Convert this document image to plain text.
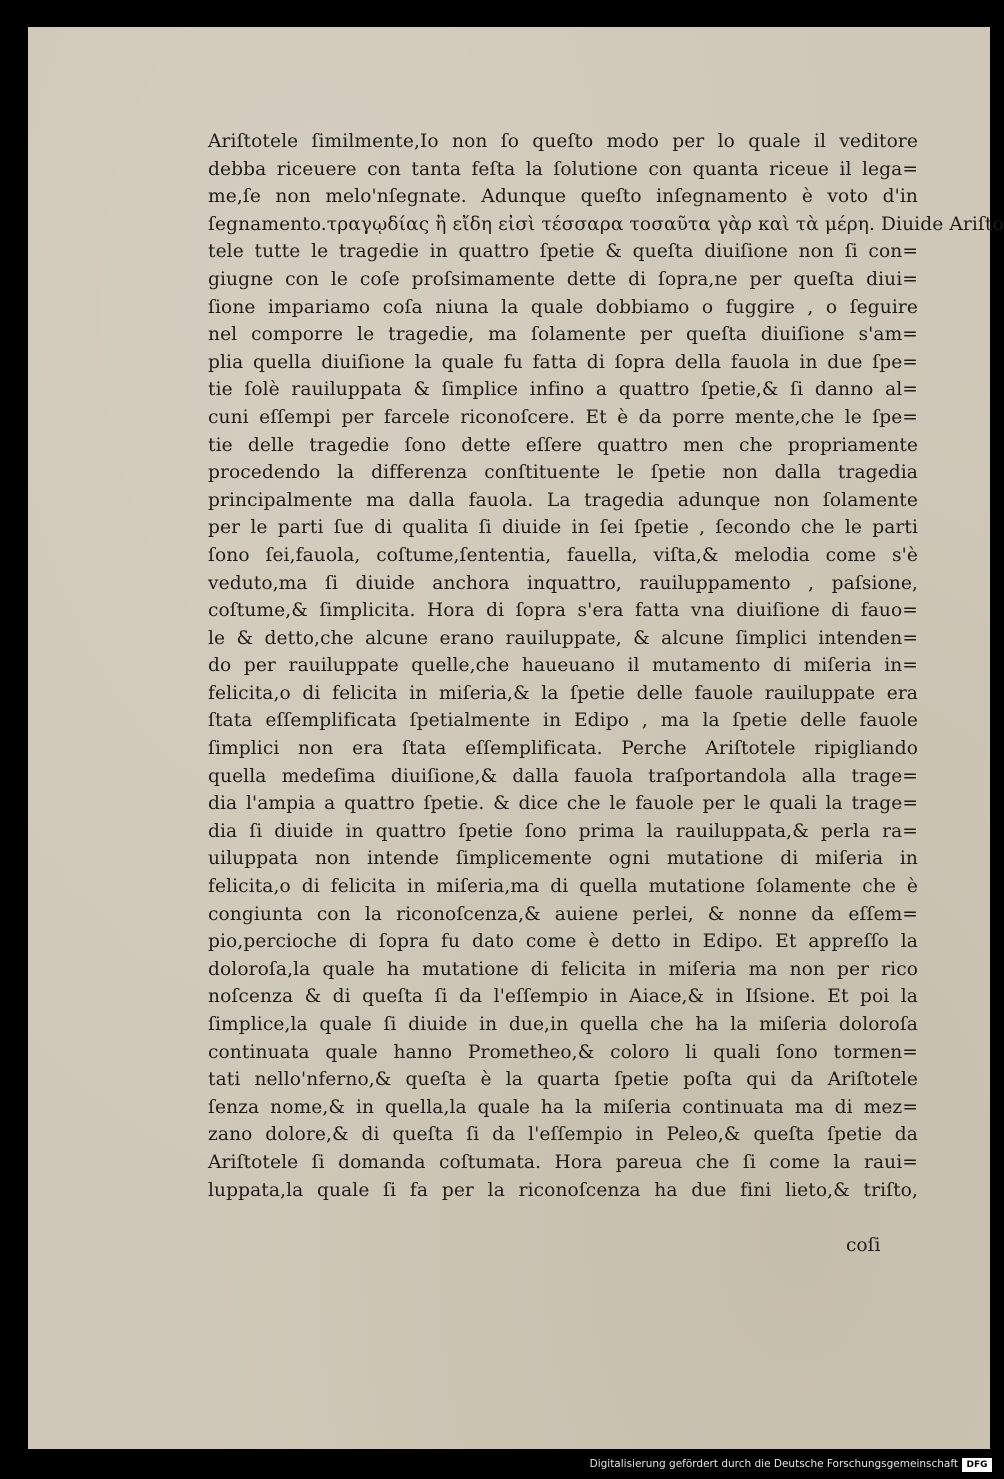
Ariſtotele ſimilmente,Io non ſo queſto modo per lo quale il veditore
debba riceuere con tanta feſta la ſolutione con quanta riceue il lega=
me,ſe non melo'nſegnate. Adunque queſto inſegnamento è voto d'in
ſegnamento.τραγῳδίας ἢ εἴδη εἰσὶ τέσσαρα τοσαῦτα γὰρ καὶ τὰ μέρη. Diuide Ariſto
tele tutte le tragedie in quattro ſpetie & queſta diuiſione non ſi con=
giugne con le coſe proſsimamente dette di ſopra,ne per queſta diui=
ſione impariamo coſa niuna la quale dobbiamo o fuggire , o ſeguire
nel comporre le tragedie, ma ſolamente per queſta diuiſione s'am=
plia quella diuiſione la quale fu fatta di ſopra della fauola in due ſpe=
tie ſolè rauiluppata & ſimplice infino a quattro ſpetie,& ſi danno al=
cuni eſſempi per farcele riconoſcere. Et è da porre mente,che le ſpe=
tie delle tragedie ſono dette eſſere quattro men che propriamente
procedendo la differenza conſtituente le ſpetie non dalla tragedia
principalmente ma dalla fauola. La tragedia adunque non ſolamente
per le parti ſue di qualita ſi diuide in ſei ſpetie , ſecondo che le parti
ſono ſei,fauola, coſtume,ſententia, fauella, viſta,& melodia come s'è
veduto,ma ſi diuide anchora inquattro, rauiluppamento , paſsione,
coſtume,& ſimplicita. Hora di ſopra s'era fatta vna diuiſione di fauo=
le & detto,che alcune erano rauiluppate, & alcune ſimplici intenden=
do per rauiluppate quelle,che haueuano il mutamento di miſeria in=
felicita,o di felicita in miſeria,& la ſpetie delle fauole rauiluppate era
ſtata eſſemplificata ſpetialmente in Edipo , ma la ſpetie delle fauole
ſimplici non era ſtata eſſemplificata. Perche Ariſtotele ripigliando
quella medeſima diuiſione,& dalla fauola traſportandola alla trage=
dia l'ampia a quattro ſpetie. & dice che le fauole per le quali la trage=
dia ſi diuide in quattro ſpetie ſono prima la rauiluppata,& perla ra=
uiluppata non intende ſimplicemente ogni mutatione di miſeria in
felicita,o di felicita in miſeria,ma di quella mutatione ſolamente che è
congiunta con la riconoſcenza,& auiene perlei, & nonne da eſſem=
pio,percioche di ſopra fu dato come è detto in Edipo. Et appreſſo la
doloroſa,la quale ha mutatione di felicita in miſeria ma non per rico
noſcenza & di queſta ſi da l'eſſempio in Aiace,& in Iſsione. Et poi la
ſimplice,la quale ſi diuide in due,in quella che ha la miſeria doloroſa
continuata quale hanno Prometheo,& coloro li quali ſono tormen=
tati nello'nferno,& queſta è la quarta ſpetie poſta qui da Ariſtotele
ſenza nome,& in quella,la quale ha la miſeria continuata ma di mez=
zano dolore,& di queſta ſi da l'eſſempio in Peleo,& queſta ſpetie da
Ariſtotele ſi domanda coſtumata. Hora pareua che ſi come la raui=
luppata,la quale ſi fa per la riconoſcenza ha due fini lieto,& triſto,
coſi
Digitalisierung gefördert durch die Deutsche Forschungsgemeinschaft DFG
